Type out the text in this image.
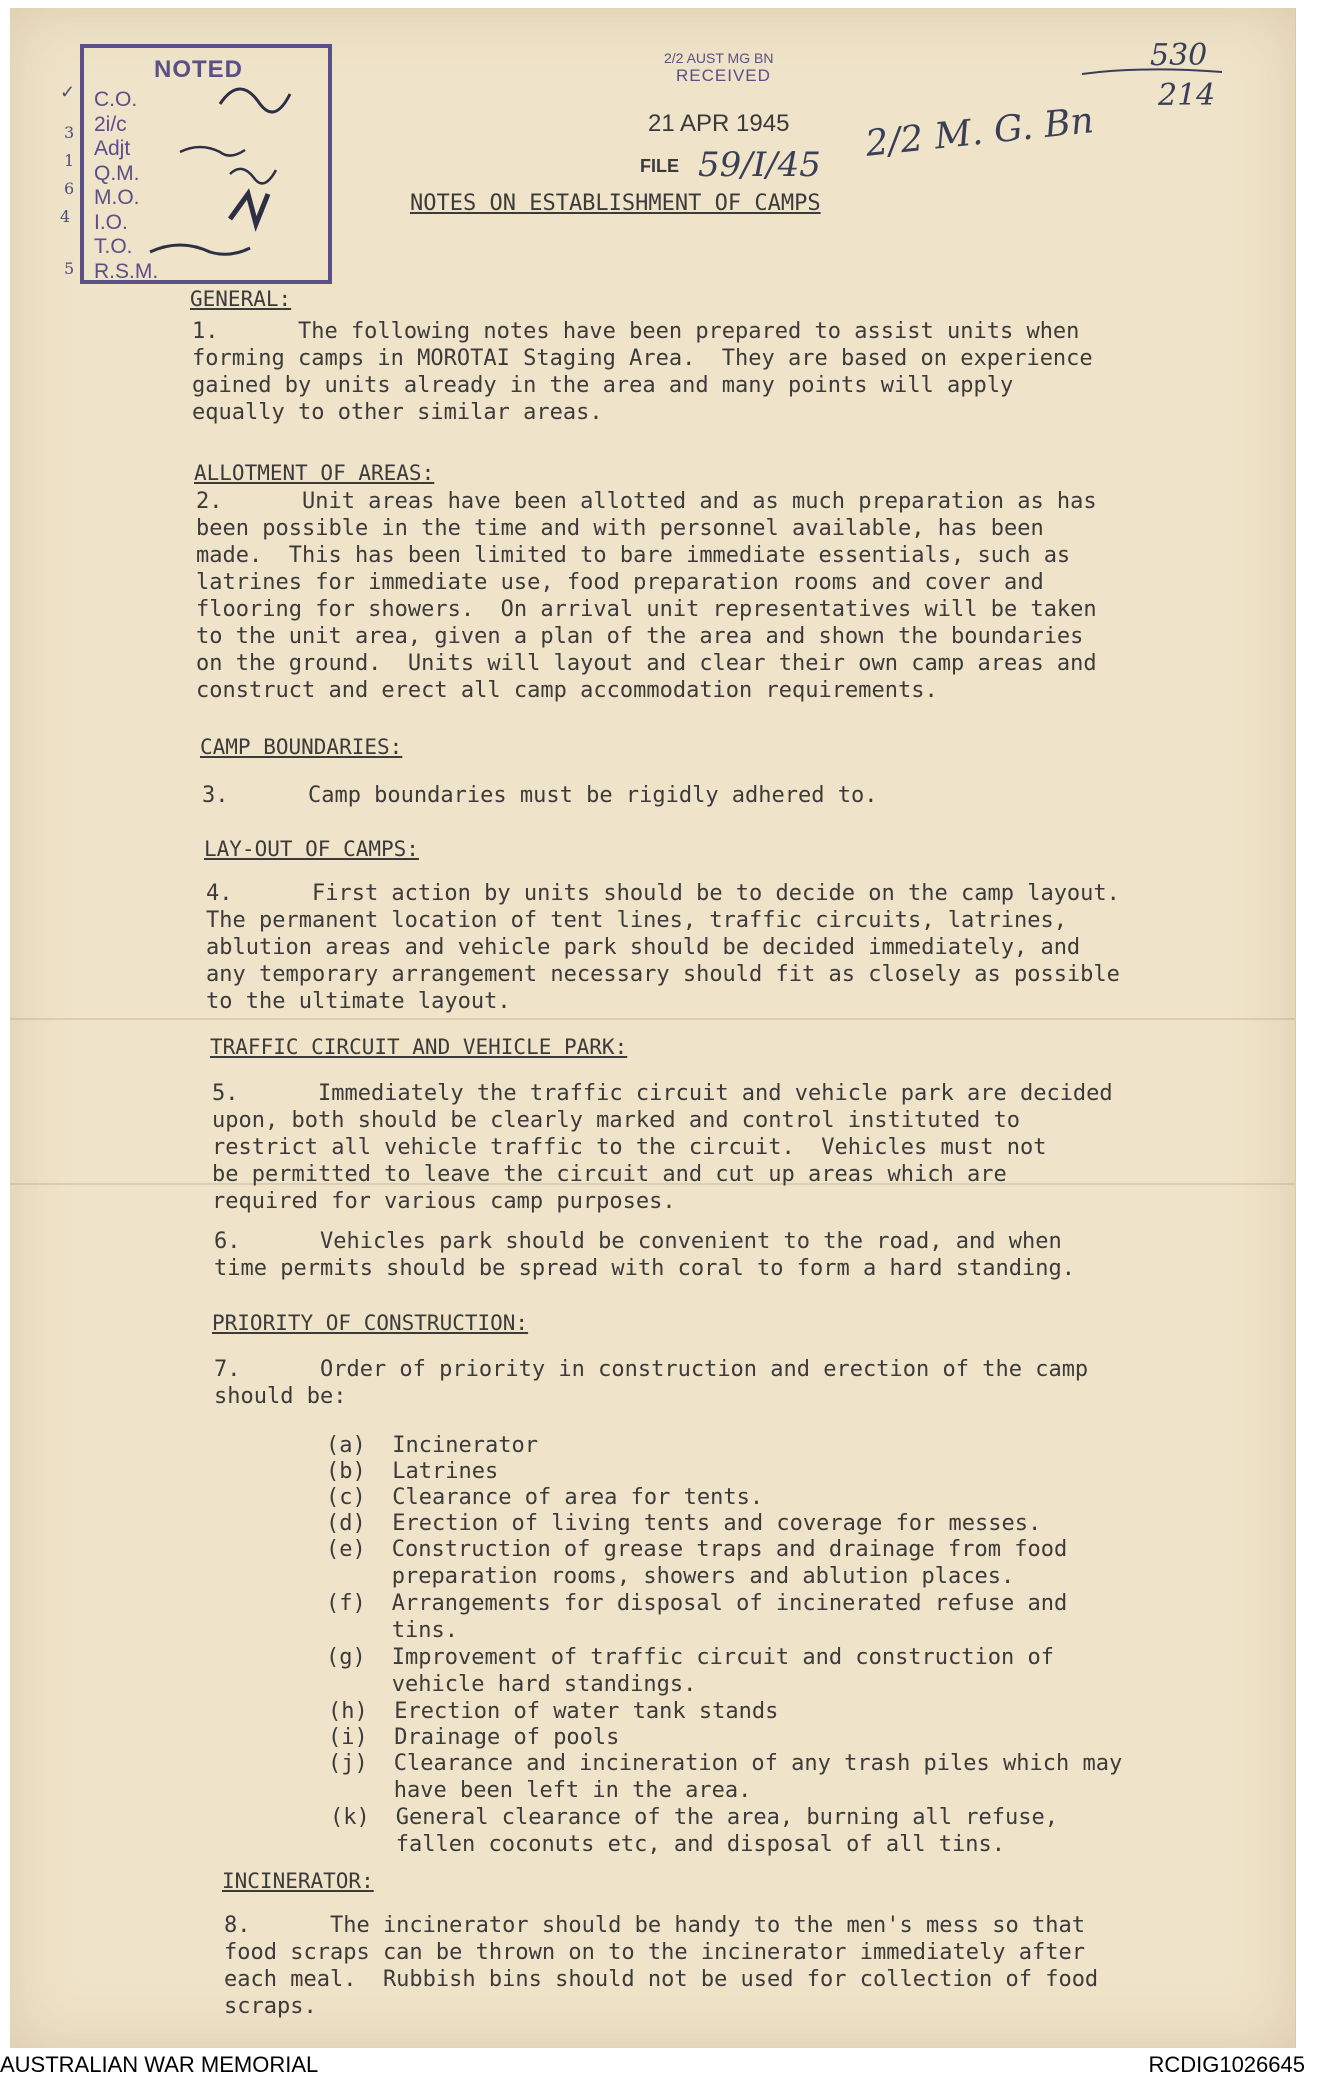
NOTED
C.O.
2i/c
Adjt
Q.M.
M.O.
I.O.
T.O.
R.S.M.
✓
3
1
6
4
5
2/2 AUST MG BN
RECEIVED
21 APR 1945
FILE 59/I/45
2/2 M. G. Bn
530
214
NOTES ON ESTABLISHMENT OF CAMPS
GENERAL:
1.      The following notes have been prepared to assist units when
forming camps in MOROTAI Staging Area.  They are based on experience
gained by units already in the area and many points will apply
equally to other similar areas.
ALLOTMENT OF AREAS:
2.      Unit areas have been allotted and as much preparation as has
been possible in the time and with personnel available, has been
made.  This has been limited to bare immediate essentials, such as
latrines for immediate use, food preparation rooms and cover and
flooring for showers.  On arrival unit representatives will be taken
to the unit area, given a plan of the area and shown the boundaries
on the ground.  Units will layout and clear their own camp areas and
construct and erect all camp accommodation requirements.
CAMP BOUNDARIES:
3.      Camp boundaries must be rigidly adhered to.
LAY-OUT OF CAMPS:
4.      First action by units should be to decide on the camp layout.
The permanent location of tent lines, traffic circuits, latrines,
ablution areas and vehicle park should be decided immediately, and
any temporary arrangement necessary should fit as closely as possible
to the ultimate layout.
TRAFFIC CIRCUIT AND VEHICLE PARK:
5.      Immediately the traffic circuit and vehicle park are decided
upon, both should be clearly marked and control instituted to
restrict all vehicle traffic to the circuit.  Vehicles must not
be permitted to leave the circuit and cut up areas which are
required for various camp purposes.
6.      Vehicles park should be convenient to the road, and when
time permits should be spread with coral to form a hard standing.
PRIORITY OF CONSTRUCTION:
7.      Order of priority in construction and erection of the camp
should be:
(a) Incinerator
(b) Latrines
(c) Clearance of area for tents.
(d) Erection of living tents and coverage for messes.
(e) Construction of grease traps and drainage from food
preparation rooms, showers and ablution places.
(f) Arrangements for disposal of incinerated refuse and
tins.
(g) Improvement of traffic circuit and construction of
vehicle hard standings.
(h) Erection of water tank stands
(i) Drainage of pools
(j) Clearance and incineration of any trash piles which may
have been left in the area.
(k) General clearance of the area, burning all refuse,
fallen coconuts etc, and disposal of all tins.
INCINERATOR:
8.      The incinerator should be handy to the men's mess so that
food scraps can be thrown on to the incinerator immediately after
each meal.  Rubbish bins should not be used for collection of food
scraps.
AUSTRALIAN WAR MEMORIAL	RCDIG1026645
